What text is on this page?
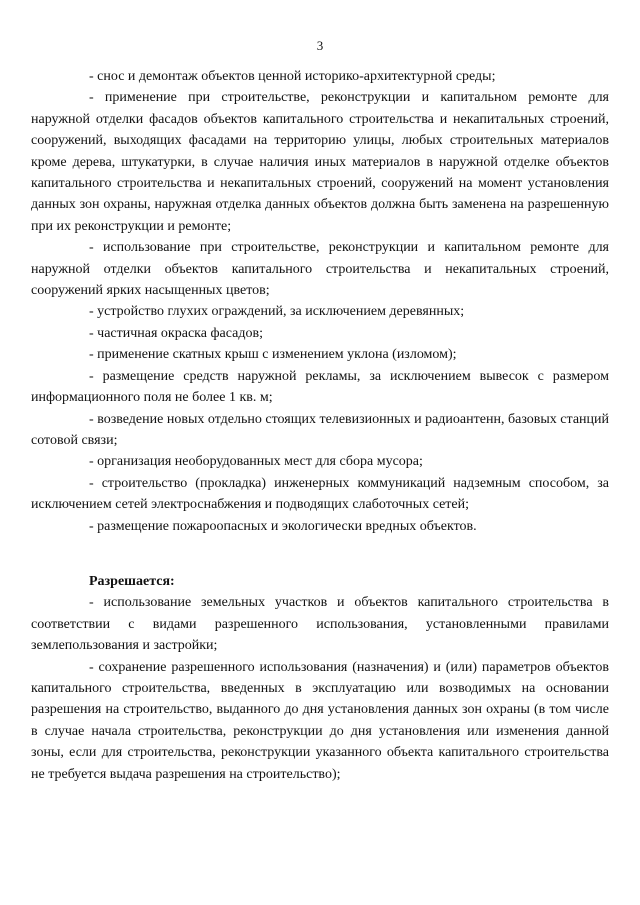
3

- снос и демонтаж объектов ценной историко-архитектурной среды;

- применение при строительстве, реконструкции и капитальном ремонте для наружной отделки фасадов объектов капитального строительства и некапитальных строений, сооружений, выходящих фасадами на территорию улицы, любых строительных материалов кроме дерева, штукатурки, в случае наличия иных материалов в наружной отделке объектов капитального строительства и некапитальных строений, сооружений на момент установления данных зон охраны, наружная отделка данных объектов должна быть заменена на разрешенную при их реконструкции и ремонте;

- использование при строительстве, реконструкции и капитальном ремонте для наружной отделки объектов капитального строительства и некапитальных строений, сооружений ярких насыщенных цветов;

- устройство глухих ограждений, за исключением деревянных;

- частичная окраска фасадов;

- применение скатных крыш с изменением уклона (изломом);

- размещение средств наружной рекламы, за исключением вывесок с размером информационного поля не более 1 кв. м;

- возведение новых отдельно стоящих телевизионных и радиоантенн, базовых станций сотовой связи;

- организация необорудованных мест для сбора мусора;

- строительство (прокладка) инженерных коммуникаций надземным способом, за исключением сетей электроснабжения и подводящих слаботочных сетей;

- размещение пожароопасных и экологически вредных объектов.

Разрешается:

- использование земельных участков и объектов капитального строительства в соответствии с видами разрешенного использования, установленными правилами землепользования и застройки;

- сохранение разрешенного использования (назначения) и (или) параметров объектов капитального строительства, введенных в эксплуатацию или возводимых на основании разрешения на строительство, выданного до дня установления данных зон охраны (в том числе в случае начала строительства, реконструкции до дня установления или изменения данной зоны, если для строительства, реконструкции указанного объекта капитального строительства не требуется выдача разрешения на строительство);
